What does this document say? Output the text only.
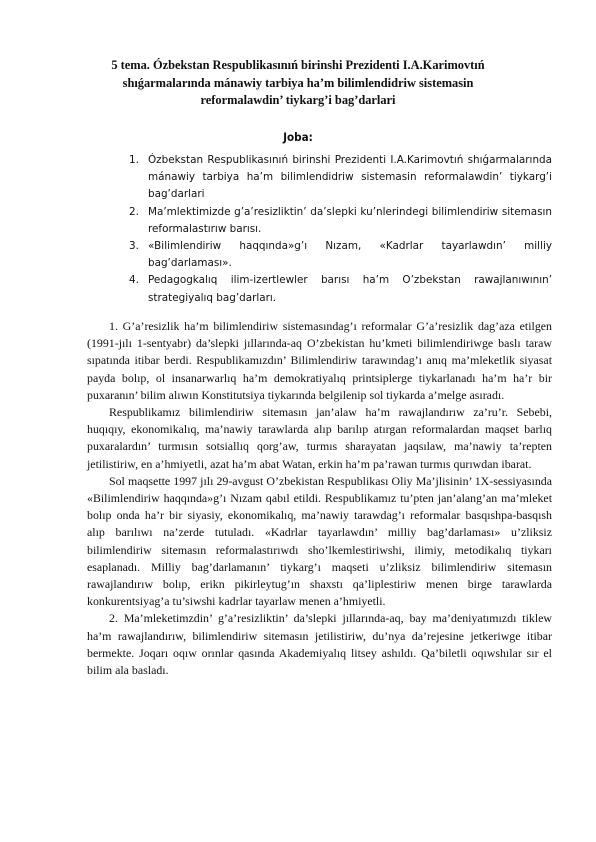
5 tema. Ózbekstan Respublikasınıń birinshi Prezidenti I.A.Karimovtıń shıǵarmalarında mánawiy tarbiya ha’m bilimlendidriw sistemasin reformalawdin’ tiykarg’i bag’darlari
Joba:
1. Ózbekstan Respublikasınıń birinshi Prezidenti I.A.Karimovtıń shıǵarmalarında mánawiy tarbiya ha’m bilimlendidriw sistemasin reformalawdin’ tiykarg’i bag’darlari
2. Ma’mlektimizde g’a’resizliktin’ da’slepki ku’nlerindegi bilimlendiriw sitemasın reformalastırıw barısı.
3. «Bilimlendiriw haqqında»g’ı Nızam, «Kadrlar tayarlawdın’ milliy bag’darlaması».
4. Pedagogkalıq ilim-izertlewler barısı ha’m O’zbekstan rawajlanıwının’ strategiyalıq bag’darları.

1. G’a’resizlik ha’m bilimlendiriw sistemasındag’ı reformalar G’a’resizlik dag’aza etilgen (1991-jılı 1-sentyabr) da’slepki jıllarında-aq O’zbekistan hu’kmeti bilimlendiriwge baslı taraw sıpatında itibar berdi. Respublikamızdın’ Bilimlendiriw tarawındag’ı anıq ma’mleketlik siyasat payda bolıp, ol insanarwarlıq ha’m demokratiyalıq printsiplerge tiykarlanadı ha’m ha’r bir puxaranın’ bilim alıwın Konstitutsiya tiykarında belgilenip sol tiykarda a’melge asıradı.

Respublikamız bilimlendiriw sitemasın jan’alaw ha’m rawajlandırıw za’ru’r. Sebebi, huqıqıy, ekonomikalıq, ma’nawiy tarawlarda alıp barılıp atırgan reformalardan maqset barlıq puxaralardın’ turmısın sotsiallıq qorg’aw, turmıs sharayatan jaqsılaw, ma’nawiy ta’repten jetilistiriw, en a’hmiyetli, azat ha’m abat Watan, erkin ha’m pa’rawan turmıs qurıwdan ibarat.

Sol maqsette 1997 jılı 29-avgust O’zbekistan Respublikası Oliy Ma’jlisinin’ 1X-sessiyasında «Bilimlendiriw haqqında»g’ı Nızam qabıl etildi. Respublikamız tu’pten jan’alang’an ma’mleket bolıp onda ha’r bir siyasiy, ekonomikalıq, ma’nawiy tarawdag’ı reformalar basqıshpa-basqısh alıp barılıwı na’zerde tutuladı. «Kadrlar tayarlawdın’ milliy bag’darlaması» u’zliksiz bilimlendiriw sitemasın reformalastırıwdı sho’lkemlestiriwshi, ilimiy, metodikalıq tiykarı esaplanadı. Milliy bag’darlamanın’ tiykarg’ı maqseti u’zliksiz bilimlendiriw sitemasın rawajlandırıw bolıp, erikn pikirleytug’ın shaxstı qa’liplestiriw menen birge tarawlarda konkurentsiyag’a tu’siwshi kadrlar tayarlaw menen a’hmiyetli.

2. Ma’mleketimzdin’ g’a’resizliktin’ da’slepki jıllarında-aq, bay ma’deniyatımızdı tiklew ha’m rawajlandırıw, bilimlendiriw sitemasın jetilistiriw, du’nya da’rejesine jetkeriwge itibar bermekte. Joqarı oqıw orınlar qasında Akademiyalıq litsey ashıldı. Qa’biletli oqıwshılar sır el bilim ala basladı.
